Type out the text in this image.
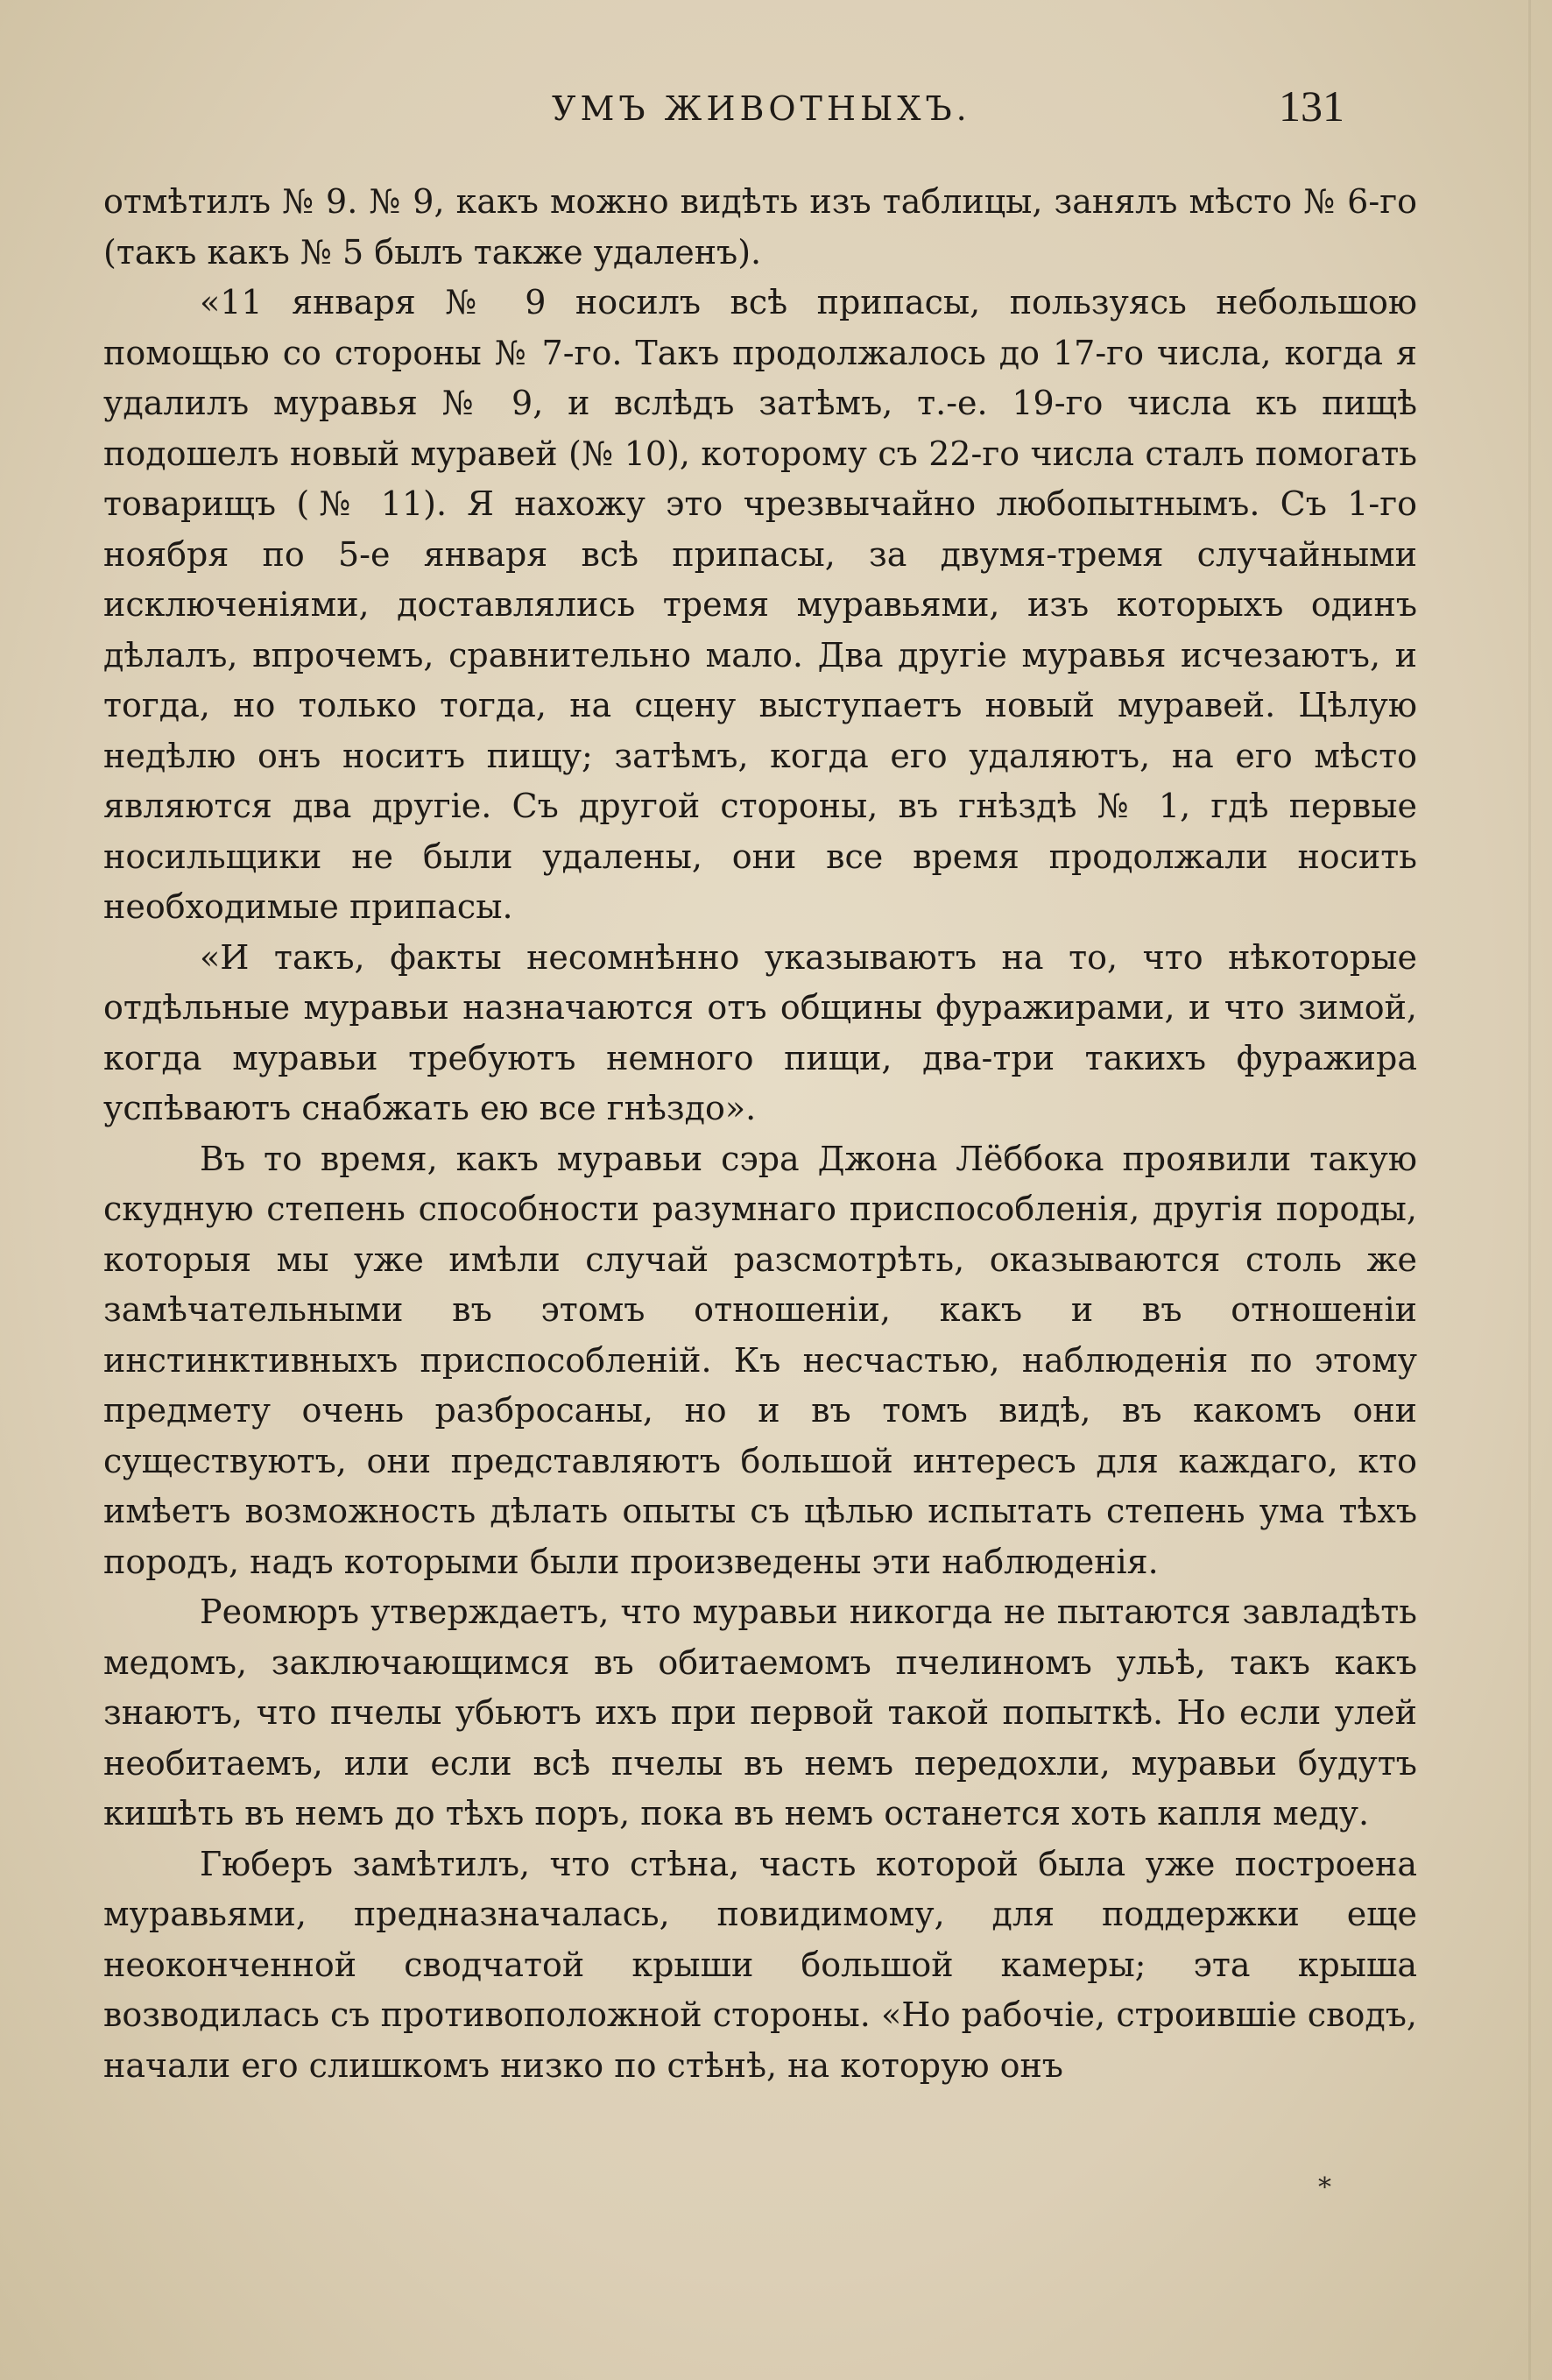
УМЪ ЖИВОТНЫХЪ.	131

отмѣтилъ № 9. № 9, какъ можно видѣть изъ таблицы, занялъ мѣсто № 6-го (такъ какъ № 5 былъ также удаленъ).

«11 января № 9 носилъ всѣ припасы, пользуясь небольшою помощью со стороны № 7-го. Такъ продолжалось до 17-го числа, когда я удалилъ муравья № 9, и вслѣдъ затѣмъ, т.-е. 19-го числа къ пищѣ подошелъ новый муравей (№ 10), которому съ 22-го числа сталъ помогать товарищъ (№ 11). Я нахожу это чрезвычайно любопытнымъ. Съ 1-го ноября по 5-е января всѣ припасы, за двумя-тремя случайными исключеніями, доставлялись тремя муравьями, изъ которыхъ одинъ дѣлалъ, впрочемъ, сравнительно мало. Два другіе муравья исчезаютъ, и тогда, но только тогда, на сцену выступаетъ новый муравей. Цѣлую недѣлю онъ носитъ пищу; затѣмъ, когда его удаляютъ, на его мѣсто являются два другіе. Съ другой стороны, въ гнѣздѣ № 1, гдѣ первые носильщики не были удалены, они все время продолжали носить необходимые припасы.

«И такъ, факты несомнѣнно указываютъ на то, что нѣкоторые отдѣльные муравьи назначаются отъ общины фуражирами, и что зимой, когда муравьи требуютъ немного пищи, два-три такихъ фуражира успѣваютъ снабжать ею все гнѣздо».

Въ то время, какъ муравьи сэра Джона Лёббока проявили такую скудную степень способности разумнаго приспособленія, другія породы, которыя мы уже имѣли случай разсмотрѣть, оказываются столь же замѣчательными въ этомъ отношеніи, какъ и въ отношеніи инстинктивныхъ приспособленій. Къ несчастью, наблюденія по этому предмету очень разбросаны, но и въ томъ видѣ, въ какомъ они существуютъ, они представляютъ большой интересъ для каждаго, кто имѣетъ возможность дѣлать опыты съ цѣлью испытать степень ума тѣхъ породъ, надъ которыми были произведены эти наблюденія.

Реомюръ утверждаетъ, что муравьи никогда не пытаются завладѣть медомъ, заключающимся въ обитаемомъ пчелиномъ ульѣ, такъ какъ знаютъ, что пчелы убьютъ ихъ при первой такой попыткѣ. Но если улей необитаемъ, или если всѣ пчелы въ немъ передохли, муравьи будутъ кишѣть въ немъ до тѣхъ поръ, пока въ немъ останется хоть капля меду.

Гюберъ замѣтилъ, что стѣна, часть которой была уже построена муравьями, предназначалась, повидимому, для поддержки еще неоконченной сводчатой крыши большой камеры; эта крыша возводилась съ противоположной стороны. «Но рабочіе, строившіе сводъ, начали его слишкомъ низко по стѣнѣ, на которую онъ

*
